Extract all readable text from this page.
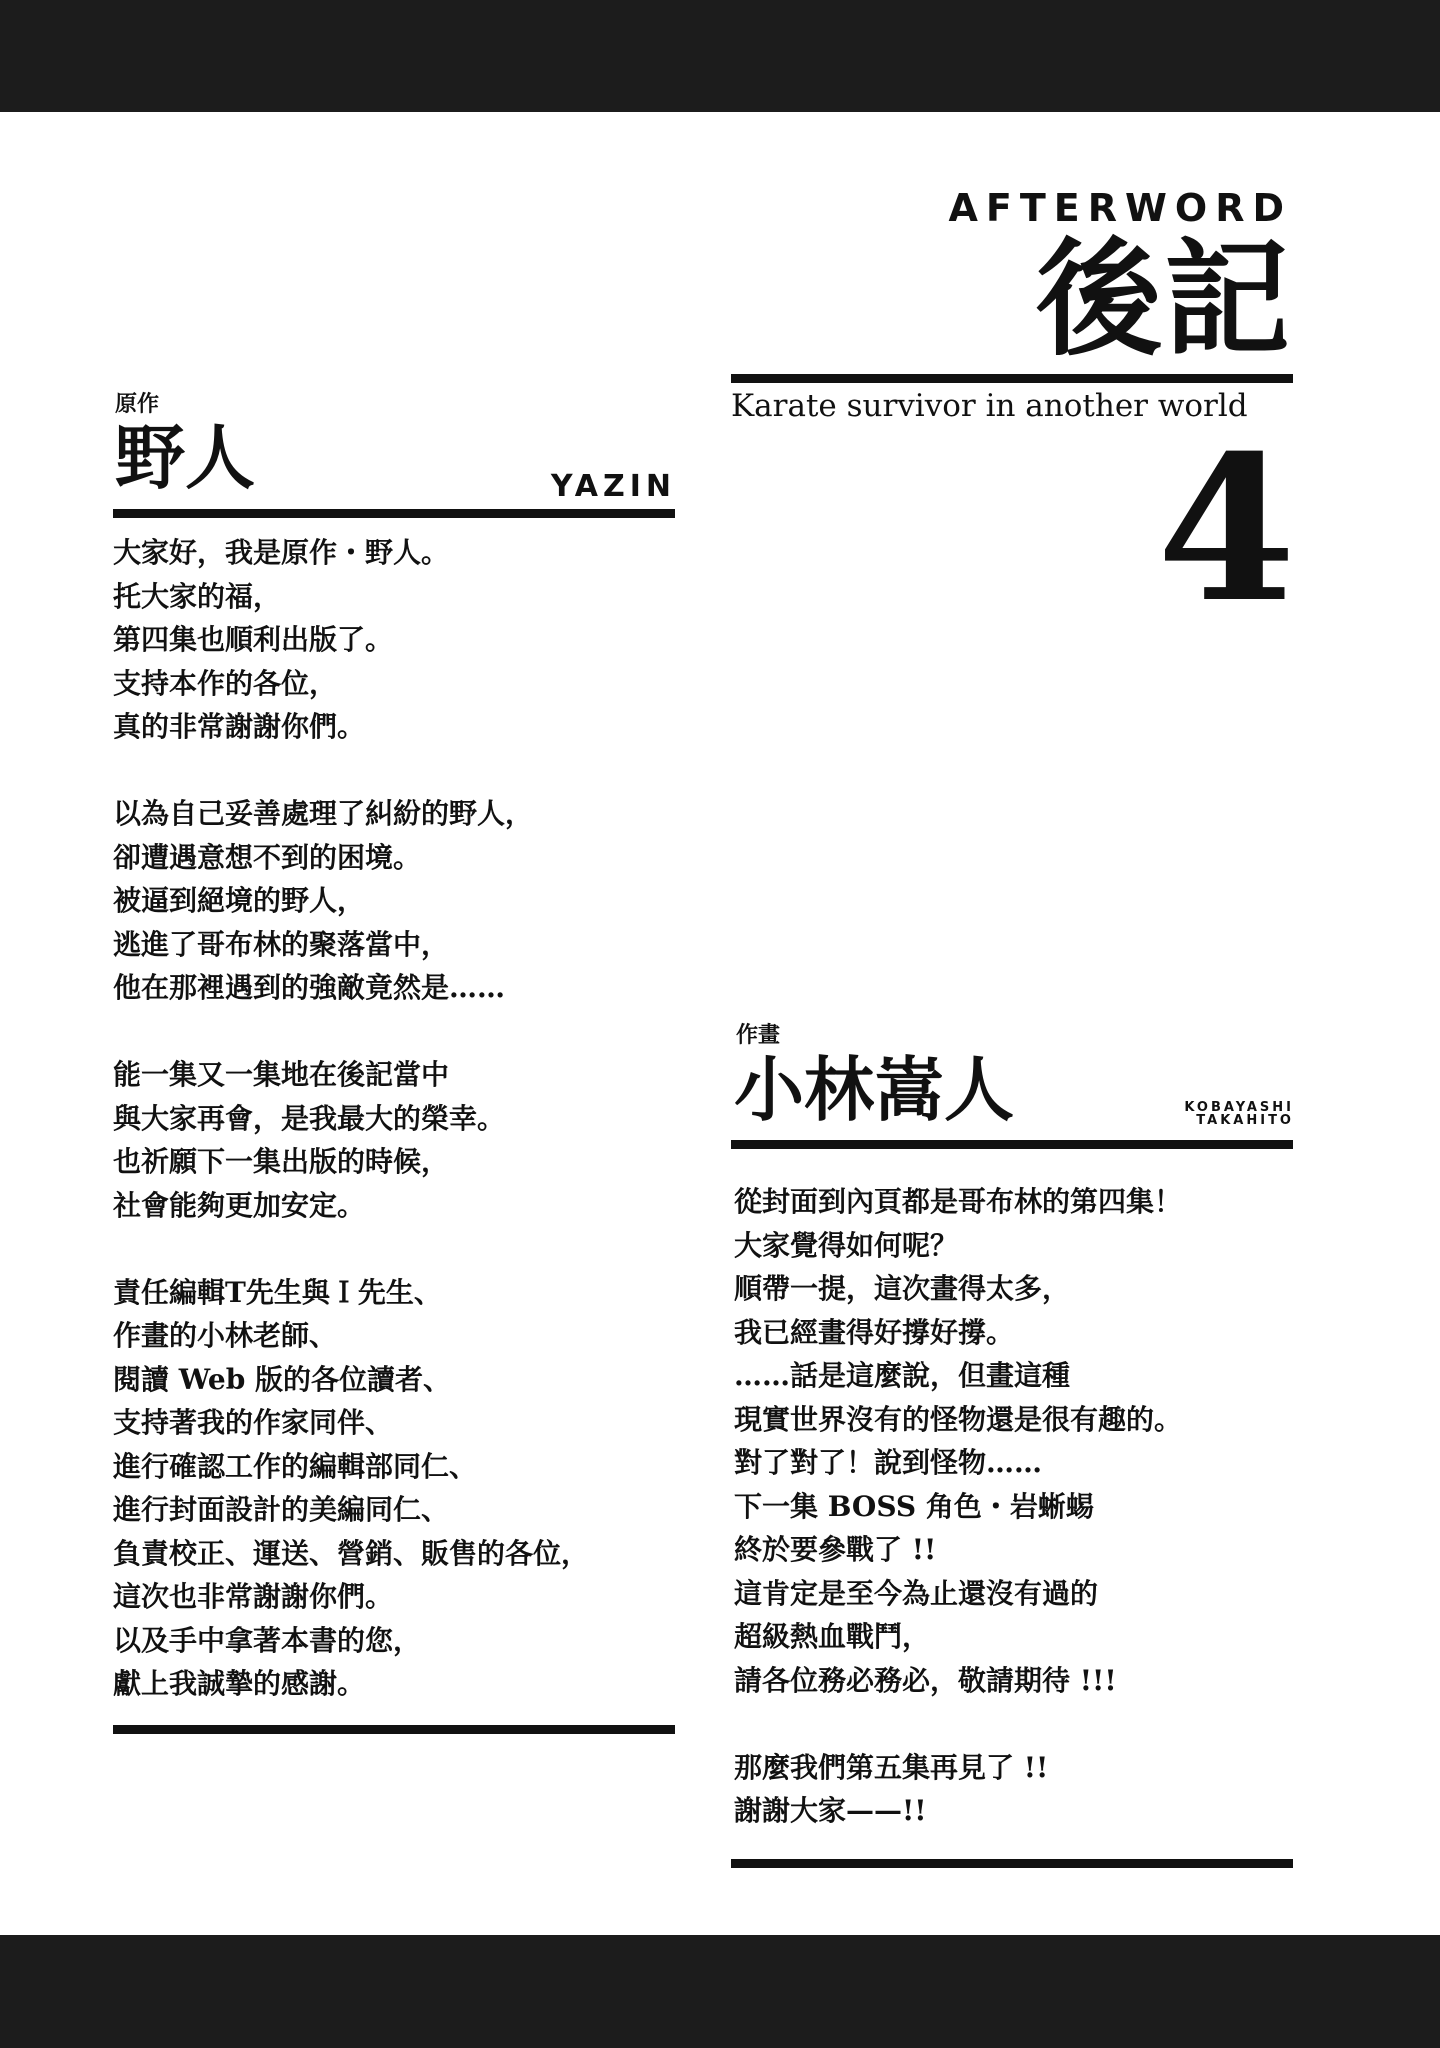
AFTERWORD
後記
Karate survivor in another world
4
原作
野人	YAZIN
大家好，我是原作・野人。
托大家的福，
第四集也順利出版了。
支持本作的各位，
真的非常謝謝你們。
以為自己妥善處理了糾紛的野人，
卻遭遇意想不到的困境。
被逼到絕境的野人，
逃進了哥布林的聚落當中，
他在那裡遇到的強敵竟然是……
能一集又一集地在後記當中
與大家再會，是我最大的榮幸。
也祈願下一集出版的時候，
社會能夠更加安定。
責任編輯T先生與Ｉ先生、
作畫的小林老師、
閱讀 Web 版的各位讀者、
支持著我的作家同伴、
進行確認工作的編輯部同仁、
進行封面設計的美編同仁、
負責校正、運送、營銷、販售的各位，
這次也非常謝謝你們。
以及手中拿著本書的您，
獻上我誠摯的感謝。
作畫
小林嵩人	KOBAYASHI
TAKAHITO
從封面到內頁都是哥布林的第四集！
大家覺得如何呢？
順帶一提，這次畫得太多，
我已經畫得好撐好撐。
……話是這麼說，但畫這種
現實世界沒有的怪物還是很有趣的。
對了對了！說到怪物……
下一集 BOSS 角色・岩蜥蜴
終於要參戰了 !!
這肯定是至今為止還沒有過的
超級熱血戰鬥，
請各位務必務必，敬請期待 !!!
那麼我們第五集再見了 !!
謝謝大家——!!
